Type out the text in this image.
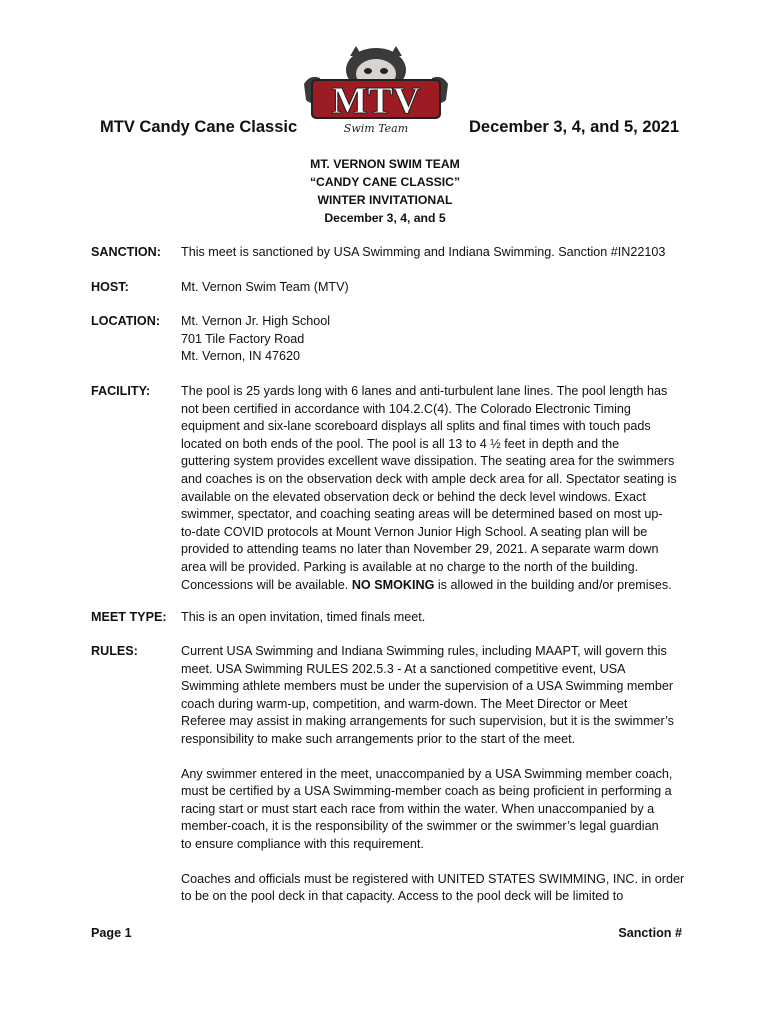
MTV
Swim Team
MTV Candy Cane Classic	December 3, 4, and 5, 2021
MT. VERNON SWIM TEAM
“CANDY CANE CLASSIC”
WINTER INVITATIONAL
December 3, 4, and 5
SANCTION:	This meet is sanctioned by USA Swimming and Indiana Swimming. Sanction #IN22103
HOST:	Mt. Vernon Swim Team (MTV)
LOCATION:	Mt. Vernon Jr. High School
701 Tile Factory Road
Mt. Vernon, IN 47620
FACILITY:	The pool is 25 yards long with 6 lanes and anti-turbulent lane lines. The pool length has
not been certified in accordance with 104.2.C(4). The Colorado Electronic Timing
equipment and six-lane scoreboard displays all splits and final times with touch pads
located on both ends of the pool. The pool is all 13 to 4 ½ feet in depth and the
guttering system provides excellent wave dissipation. The seating area for the swimmers
and coaches is on the observation deck with ample deck area for all. Spectator seating is
available on the elevated observation deck or behind the deck level windows. Exact
swimmer, spectator, and coaching seating areas will be determined based on most up-
to-date COVID protocols at Mount Vernon Junior High School. A seating plan will be
provided to attending teams no later than November 29, 2021. A separate warm down
area will be provided. Parking is available at no charge to the north of the building.
Concessions will be available. NO SMOKING is allowed in the building and/or premises.
MEET TYPE:	This is an open invitation, timed finals meet.
RULES:	Current USA Swimming and Indiana Swimming rules, including MAAPT, will govern this
meet. USA Swimming RULES 202.5.3 - At a sanctioned competitive event, USA
Swimming athlete members must be under the supervision of a USA Swimming member
coach during warm-up, competition, and warm-down. The Meet Director or Meet
Referee may assist in making arrangements for such supervision, but it is the swimmer’s
responsibility to make such arrangements prior to the start of the meet.

Any swimmer entered in the meet, unaccompanied by a USA Swimming member coach,
must be certified by a USA Swimming-member coach as being proficient in performing a
racing start or must start each race from within the water. When unaccompanied by a
member-coach, it is the responsibility of the swimmer or the swimmer’s legal guardian
to ensure compliance with this requirement.

Coaches and officials must be registered with UNITED STATES SWIMMING, INC. in order
to be on the pool deck in that capacity. Access to the pool deck will be limited to

Page 1	Sanction #
